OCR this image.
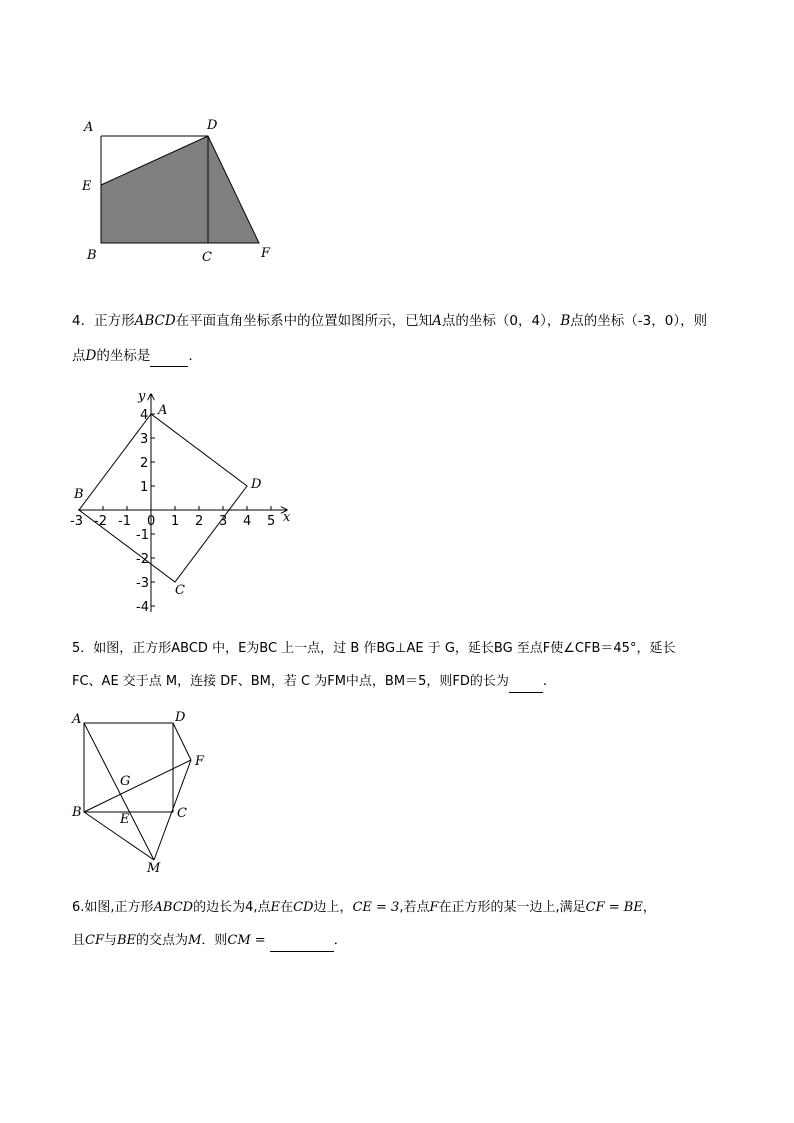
A	D
E
B	C	F
4．正方形ABCD在平面直角坐标系中的位置如图所示，已知A点的坐标（0，4），B点的坐标（-3，0），则
点D的坐标是	.
-3 -2 -1 0 1 2 3 4 5
4
3
2
1
-1
-2
-3
-4
x
y
A
B
C
D
5．如图，正方形ABCD 中，E为BC 上一点，过 B 作BG⊥AE 于 G，延长BG 至点F使∠CFB＝45°，延长
FC、AE 交于点 M，连接 DF、BM，若 C 为FM中点，BM＝5，则FD的长为	.
A	D
F
G
B	E	C
M
6.如图,正方形ABCD的边长为4,点E在CD边上，CE = 3,若点F在正方形的某一边上,满足CF = BE，
且CF与BE的交点为M．则CM =	．
